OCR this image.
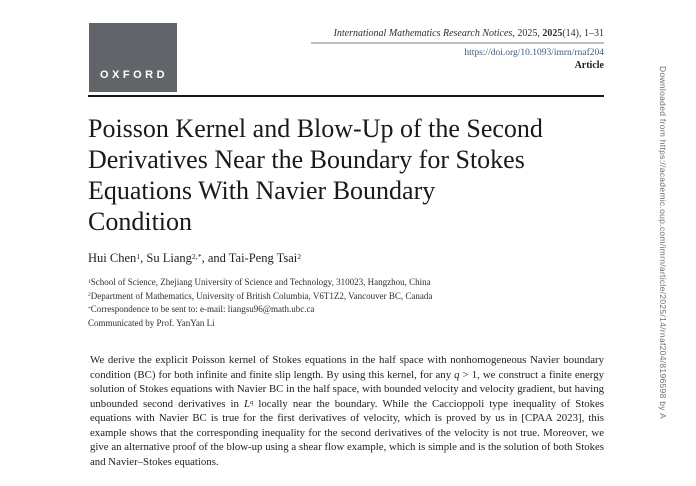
OXFORD
International Mathematics Research Notices, 2025, 2025(14), 1–31
https://doi.org/10.1093/imrn/rnaf204
Article
Poisson Kernel and Blow-Up of the Second
Derivatives Near the Boundary for Stokes
Equations With Navier Boundary
Condition
Hui Chen$^1$, Su Liang$^{2,*}$, and Tai-Peng Tsai$^2$
$^1$School of Science, Zhejiang University of Science and Technology, 310023, Hangzhou, China
$^2$Department of Mathematics, University of British Columbia, V6T1Z2, Vancouver BC, Canada
*Correspondence to be sent to: e-mail: liangsu96@math.ubc.ca
Communicated by Prof. YanYan Li

We derive the explicit Poisson kernel of Stokes equations in the half space with nonhomogeneous Navier boundary condition (BC) for both infinite and finite slip length. By using this kernel, for any q > 1, we construct a finite energy solution of Stokes equations with Navier BC in the half space, with bounded velocity and velocity gradient, but having unbounded second derivatives in $L^q$ locally near the boundary. While the Caccioppoli type inequality of Stokes equations with Navier BC is true for the first derivatives of velocity, which is proved by us in [CPAA 2023], this example shows that the corresponding inequality for the second derivatives of the velocity is not true. Moreover, we give an alternative proof of the blow-up using a shear flow example, which is simple and is the solution of both Stokes and Navier–Stokes equations.

Downloaded from https://academic.oup.com/imrn/article/2025/14/rnaf204/8196598 by A
